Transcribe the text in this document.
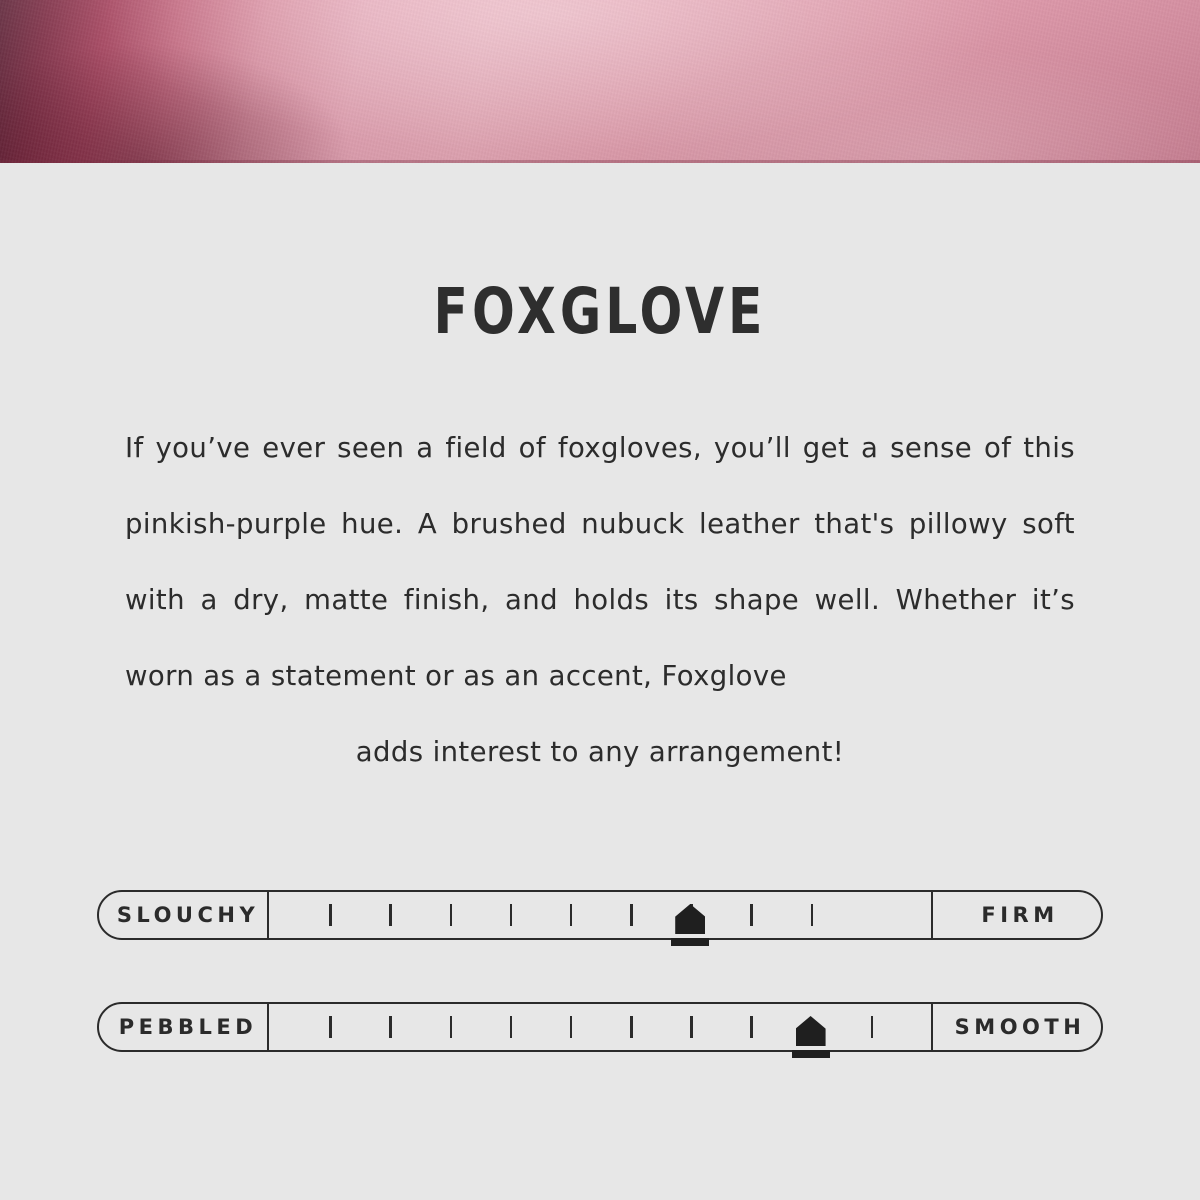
FOXGLOVE

If you’ve ever seen a field of foxgloves, you’ll get a sense of this pinkish-purple hue. A brushed nubuck leather that's pillowy soft with a dry, matte finish, and holds its shape well. Whether it’s worn as a statement or as an accent, Foxglove

adds interest to any arrangement!
SLOUCHY	FIRM
PEBBLED	SMOOTH
